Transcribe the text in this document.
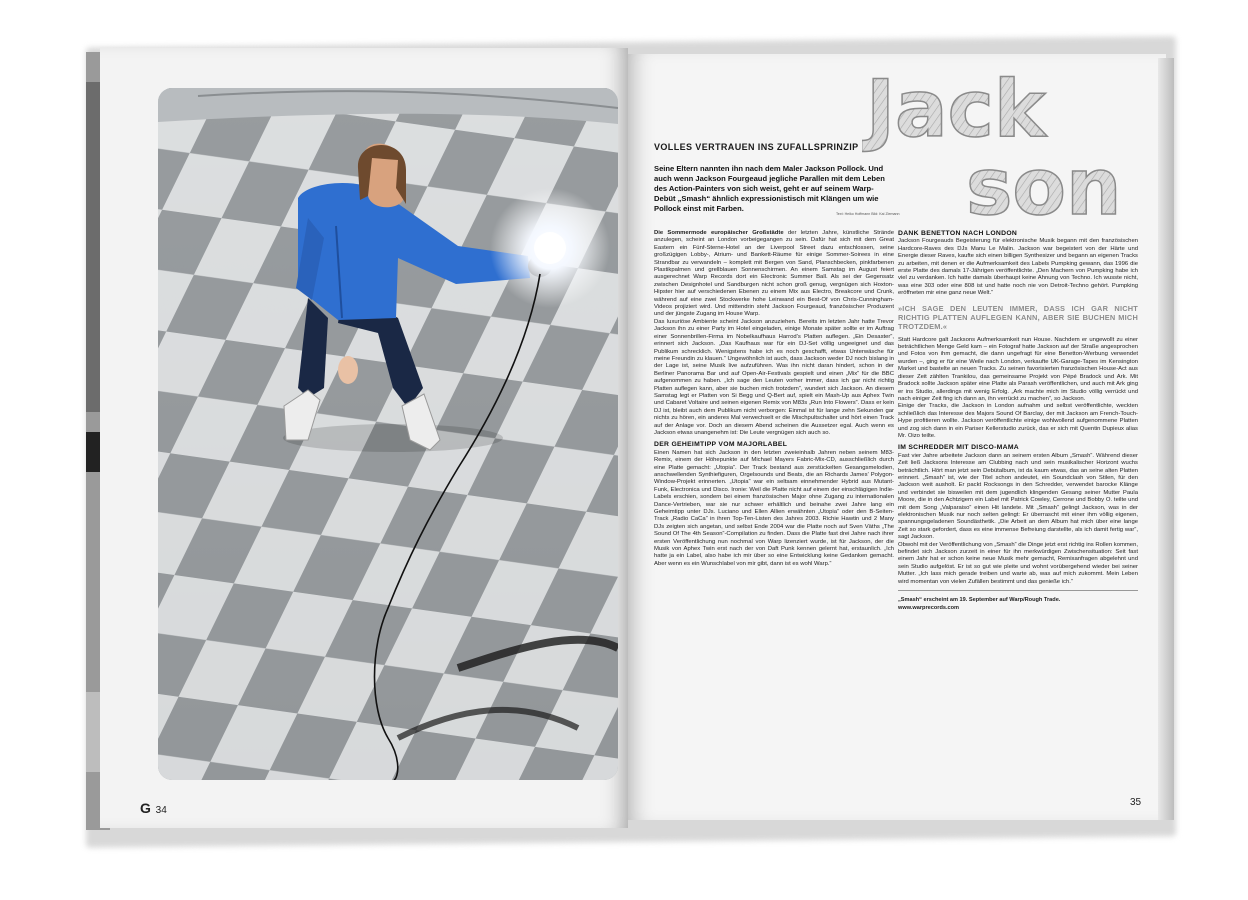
G 34
Jack
son
VOLLES VERTRAUEN INS ZUFALLSPRINZIP
Seine Eltern nannten ihn nach dem Maler Jackson Pollock. Und auch wenn Jackson Fourgeaud jegliche Parallen mit dem Leben des Action-Painters von sich weist, geht er auf seinem Warp-Debüt „Smash“ ähnlich expressionistisch mit Klängen um wie Pollock einst mit Farben.
Text: Heiko Hoffmann Bild: Kai Ziemann

Die Sommermode europäischer Großstädte der letzten Jahre, künstliche Strände anzulegen, scheint an London vorbeigegangen zu sein. Dafür hat sich mit dem Great Eastern ein Fünf-Sterne-Hotel an der Liverpool Street dazu entschlossen, seine großzügigen Lobby-, Atrium- und Bankett-Räume für einige Sommer-Soirees in eine Strandbar zu verwandeln – komplett mit Bergen von Sand, Planschbecken, pinkfarbenen Plastikpalmen und grellblauen Sonnenschirmen. An einem Samstag im August feiert ausgerechnet Warp Records dort ein Electronic Summer Ball. Als sei der Gegensatz zwischen Designhotel und Sandburgen nicht schon groß genug, vergnügen sich Hoxton-Hipster hier auf verschiedenen Ebenen zu einem Mix aus Electro, Breakcore und Crunk, während auf eine zwei Stockwerke hohe Leinwand ein Best-Of von Chris-Cunningham-Videos projiziert wird. Und mittendrin steht Jackson Fourgeaud, französischer Produzent und der jüngste Zugang im House Warp.

Das luxuriöse Ambiente scheint Jackson anzuziehen. Bereits im letzten Jahr hatte Trevor Jackson ihn zu einer Party im Hotel eingeladen, einige Monate später sollte er im Auftrag einer Sonnenbrillen-Firma im Nobelkaufhaus Harrod’s Platten auflegen. „Ein Desaster“, erinnert sich Jackson. „Das Kaufhaus war für ein DJ-Set völlig ungeeignet und das Publikum schrecklich. Wenigstens habe ich es noch geschafft, etwas Unterwäsche für meine Freundin zu klauen.“ Ungewöhnlich ist auch, dass Jackson weder DJ noch bislang in der Lage ist, seine Musik live aufzuführen. Was ihn nicht daran hindert, schon in der Berliner Panorama Bar und auf Open-Air-Festivals gespielt und einen „Mix“ für die BBC aufgenommen zu haben. „Ich sage den Leuten vorher immer, dass ich gar nicht richtig Platten auflegen kann, aber sie buchen mich trotzdem“, wundert sich Jackson. An diesem Samstag legt er Platten von Si Begg und Q-Bert auf, spielt ein Mash-Up aus Aphex Twin und Cabaret Voltaire und seinen eigenen Remix von M83s „Run Into Flowers“. Dass er kein DJ ist, bleibt auch dem Publikum nicht verborgen: Einmal ist für lange zehn Sekunden gar nichts zu hören, ein anderes Mal verwechselt er die Mischpultschalter und hört einen Track auf der Anlage vor. Doch an diesem Abend scheinen die Aussetzer egal. Auch wenn es Jackson etwas unangenehm ist: Die Leute vergnügen sich auch so.

DER GEHEIMTIPP VOM MAJORLABEL

Einen Namen hat sich Jackson in den letzten zweieinhalb Jahren neben seinem M83-Remix, einem der Höhepunkte auf Michael Mayers Fabric-Mix-CD, ausschließlich durch eine Platte gemacht: „Utopia“. Der Track bestand aus zerstückelten Gesangsmelodien, anschwellenden Synthiefiguren, Orgelsounds und Beats, die an Richards James’ Polygon-Window-Projekt erinnerten. „Utopia“ war ein seltsam einnehmender Hybrid aus Mutant-Funk, Electronica und Disco. Ironie: Weil die Platte nicht auf einem der einschlägigen Indie-Labels erschien, sondern bei einem französischen Major ohne Zugang zu internationalen Dance-Vertrieben, war sie nur schwer erhältlich und beinahe zwei Jahre lang ein Geheimtipp unter DJs. Luciano und Ellen Allien erwähnten „Utopia“ oder den B-Seiten-Track „Radio CaCa“ in ihren Top-Ten-Listen des Jahres 2003. Richie Hawtin und 2 Many DJs zeigten sich angetan, und selbst Ende 2004 war die Platte noch auf Sven Väths „The Sound Of The 4th Season“-Compilation zu finden. Dass die Platte fast drei Jahre nach ihrer ersten Veröffentlichung nun nochmal von Warp lizenziert wurde, ist für Jackson, der die Musik von Aphex Twin erst nach der von Daft Punk kennen gelernt hat, erstaunlich. „Ich hatte ja ein Label, also habe ich mir über so eine Entwicklung keine Gedanken gemacht. Aber wenn es ein Wunschlabel von mir gibt, dann ist es wohl Warp.“

DANK BENETTON NACH LONDON

Jackson Fourgeauds Begeisterung für elektronische Musik begann mit den französischen Hardcore-Raves des DJs Manu Le Malin. Jackson war begeistert von der Härte und Energie dieser Raves, kaufte sich einen billigen Synthesizer und begann an eigenen Tracks zu arbeiten, mit denen er die Aufmerksamkeit des Labels Pumpking gewann, das 1996 die erste Platte des damals 17-Jährigen veröffentlichte. „Den Machern von Pumpking habe ich viel zu verdanken. Ich hatte damals überhaupt keine Ahnung von Techno. Ich wusste nicht, was eine 303 oder eine 808 ist und hatte noch nie von Detroit-Techno gehört. Pumpking eröffneten mir eine ganz neue Welt.“

»ICH SAGE DEN LEUTEN IMMER, DASS ICH GAR NICHT RICHTIG PLATTEN AUFLEGEN KANN, ABER SIE BUCHEN MICH TROTZDEM.«

Statt Hardcore galt Jacksons Aufmerksamkeit nun House. Nachdem er ungewollt zu einer beträchtlichen Menge Geld kam – ein Fotograf hatte Jackson auf der Straße angesprochen und Fotos von ihm gemacht, die dann ungefragt für eine Benetton-Werbung verwendet wurden –, ging er für eine Weile nach London, verkaufte UK-Garage-Tapes im Kensington Market und bastelte an neuen Tracks. Zu seinen favorisierten französischen House-Act aus dieser Zeit zählten Trankilou, das gemeinsame Projekt von Pépé Bradock und Ark. Mit Bradock sollte Jackson später eine Platte als Parash veröffentlichen, und auch mit Ark ging er ins Studio, allerdings mit wenig Erfolg. „Ark machte mich im Studio völlig verrückt und nach einiger Zeit fing ich dann an, ihn verrückt zu machen“, so Jackson.

Einige der Tracks, die Jackson in London aufnahm und selbst veröffentlichte, weckten schließlich das Interesse des Majors Sound Of Barclay, der mit Jackson am French-Touch-Hype profitieren wollte. Jackson veröffentlichte einige wohlwollend aufgenommene Platten und zog sich dann in ein Pariser Kellerstudio zurück, das er sich mit Quentin Dupieux alias Mr. Oizo teilte.

IM SCHREDDER MIT DISCO-MAMA

Fast vier Jahre arbeitete Jackson dann an seinem ersten Album „Smash“. Während dieser Zeit ließ Jacksons Interesse am Clubbing nach und sein musikalischer Horizont wuchs beträchtlich. Hört man jetzt sein Debütalbum, ist da kaum etwas, das an seine alten Platten erinnert. „Smash“ ist, wie der Titel schon andeutet, ein Soundclash von Stilen, für den Jackson weit ausholt. Er packt Rocksongs in den Schredder, verwendet barocke Klänge und verbindet sie bisweilen mit dem jugendlich klingenden Gesang seiner Mutter Paula Moore, die in den Achtzigern ein Label mit Patrick Cowley, Cerrone und Bobby O. teilte und mit dem Song „Valparaiso“ einen Hit landete. Mit „Smash“ gelingt Jackson, was in der elektronischen Musik nur noch selten gelingt: Er überrascht mit einer ihm völlig eigenen, spannungsgeladenen Soundästhetik. „Die Arbeit an dem Album hat mich über eine lange Zeit so stark gefordert, dass es eine immense Befreiung darstellte, als ich damit fertig war“, sagt Jackson.

Obwohl mit der Veröffentlichung von „Smash“ die Dinge jetzt erst richtig ins Rollen kommen, befindet sich Jackson zurzeit in einer für ihn merkwürdigen Zwischensituation: Seit fast einem Jahr hat er schon keine neue Musik mehr gemacht, Remixanfragen abgelehnt und sein Studio aufgelöst. Er ist so gut wie pleite und wohnt vorübergehend wieder bei seiner Mutter. „Ich lass mich gerade treiben und warte ab, was auf mich zukommt. Mein Leben wird momentan von vielen Zufällen bestimmt und das genieße ich.“

„Smash“ erscheint am 19. September auf Warp/Rough Trade.
www.warprecords.com
35
